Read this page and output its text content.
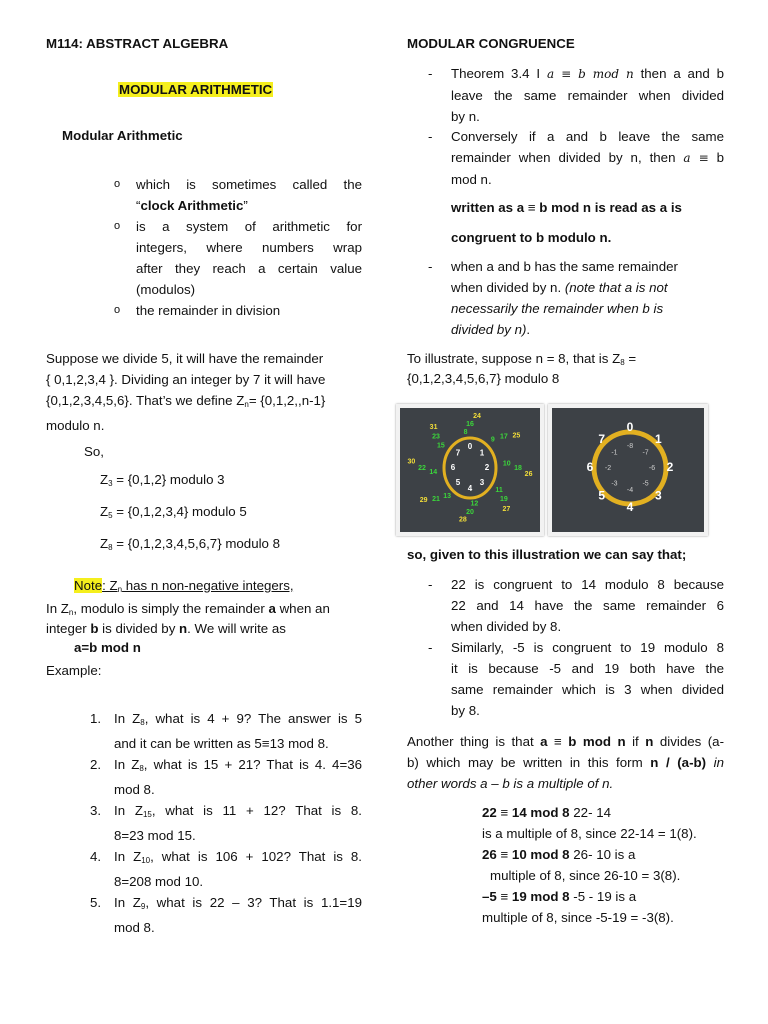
M114: ABSTRACT ALGEBRA
MODULAR ARITHMETIC
Modular Arithmetic
o which is sometimes called the
“clock Arithmetic”
o is a system of arithmetic for
integers, where numbers wrap
after they reach a certain value
(modulos)
o the remainder in division
Suppose we divide 5, it will have the remainder
{ 0,1,2,3,4 }. Dividing an integer by 7 it will have
{0,1,2,3,4,5,6}. That’s we define $Z_n= \{0,1,2,,n-1\}$
modulo n.
So,
$Z_3 = \{0,1,2\}$ modulo 3
$Z_5 = \{0,1,2,3,4\}$ modulo 5
$Z_8 = \{0,1,2,3,4,5,6,7\}$ modulo 8
Note: $Z_n$ has n non-negative integers,
In $Z_n$, modulo is simply the remainder a when an
integer b is divided by n. We will write as
a=b mod n
Example:
1. In $Z_8$, what is 4 + 9? The answer is 5
and it can be written as 5≡13 mod 8.
2. In $Z_8$, what is 15 + 21? That is 4. 4=36
mod 8.
3. In $Z_{15}$, what is 11 + 12? That is 8.
8=23 mod 15.
4. In $Z_{10}$, what is 106 + 102? That is 8.
8=208 mod 10.
5. In $Z_9$, what is 22 – 3? That is 1.1=19
mod 8.
MODULAR CONGRUENCE
- Theorem 3.4 I a ≡ b mod n then a and b
leave the same remainder when divided
by n.
- Conversely if a and b leave the same
remainder when divided by n, then a ≡ b
mod n.
written as a ≡ b mod n is read as a is
congruent to b modulo n.
- when a and b has the same remainder
when divided by n. (note that a is not
necessarily the remainder when b is
divided by n).
To illustrate, suppose n = 8, that is $Z_8$ =
{0,1,2,3,4,5,6,7} modulo 8
0
1
2
3
4
5
6
7
8
9
10
11
12
13
14
15
16
17
18
19
20
21
22
23
24
25
26
27
28
29
30
31	0
1
2
3
4
5
6
7
-8
-7
-6
-5
-4
-3
-2
-1
so, given to this illustration we can say that;
- 22 is congruent to 14 modulo 8 because
22 and 14 have the same remainder 6
when divided by 8.
- Similarly, -5 is congruent to 19 modulo 8
it is because -5 and 19 both have the
same remainder which is 3 when divided
by 8.
Another thing is that a ≡ b mod n if n divides (a-
b) which may be written in this form n / (a-b) in
other words a – b is a multiple of n.
22 ≡ 14 mod 8 22- 14
is a multiple of 8, since 22-14 = 1(8).
26 ≡ 10 mod 8 26- 10 is a
multiple of 8, since 26-10 = 3(8).
–5 ≡ 19 mod 8 -5 - 19 is a
multiple of 8, since -5-19 = -3(8).
